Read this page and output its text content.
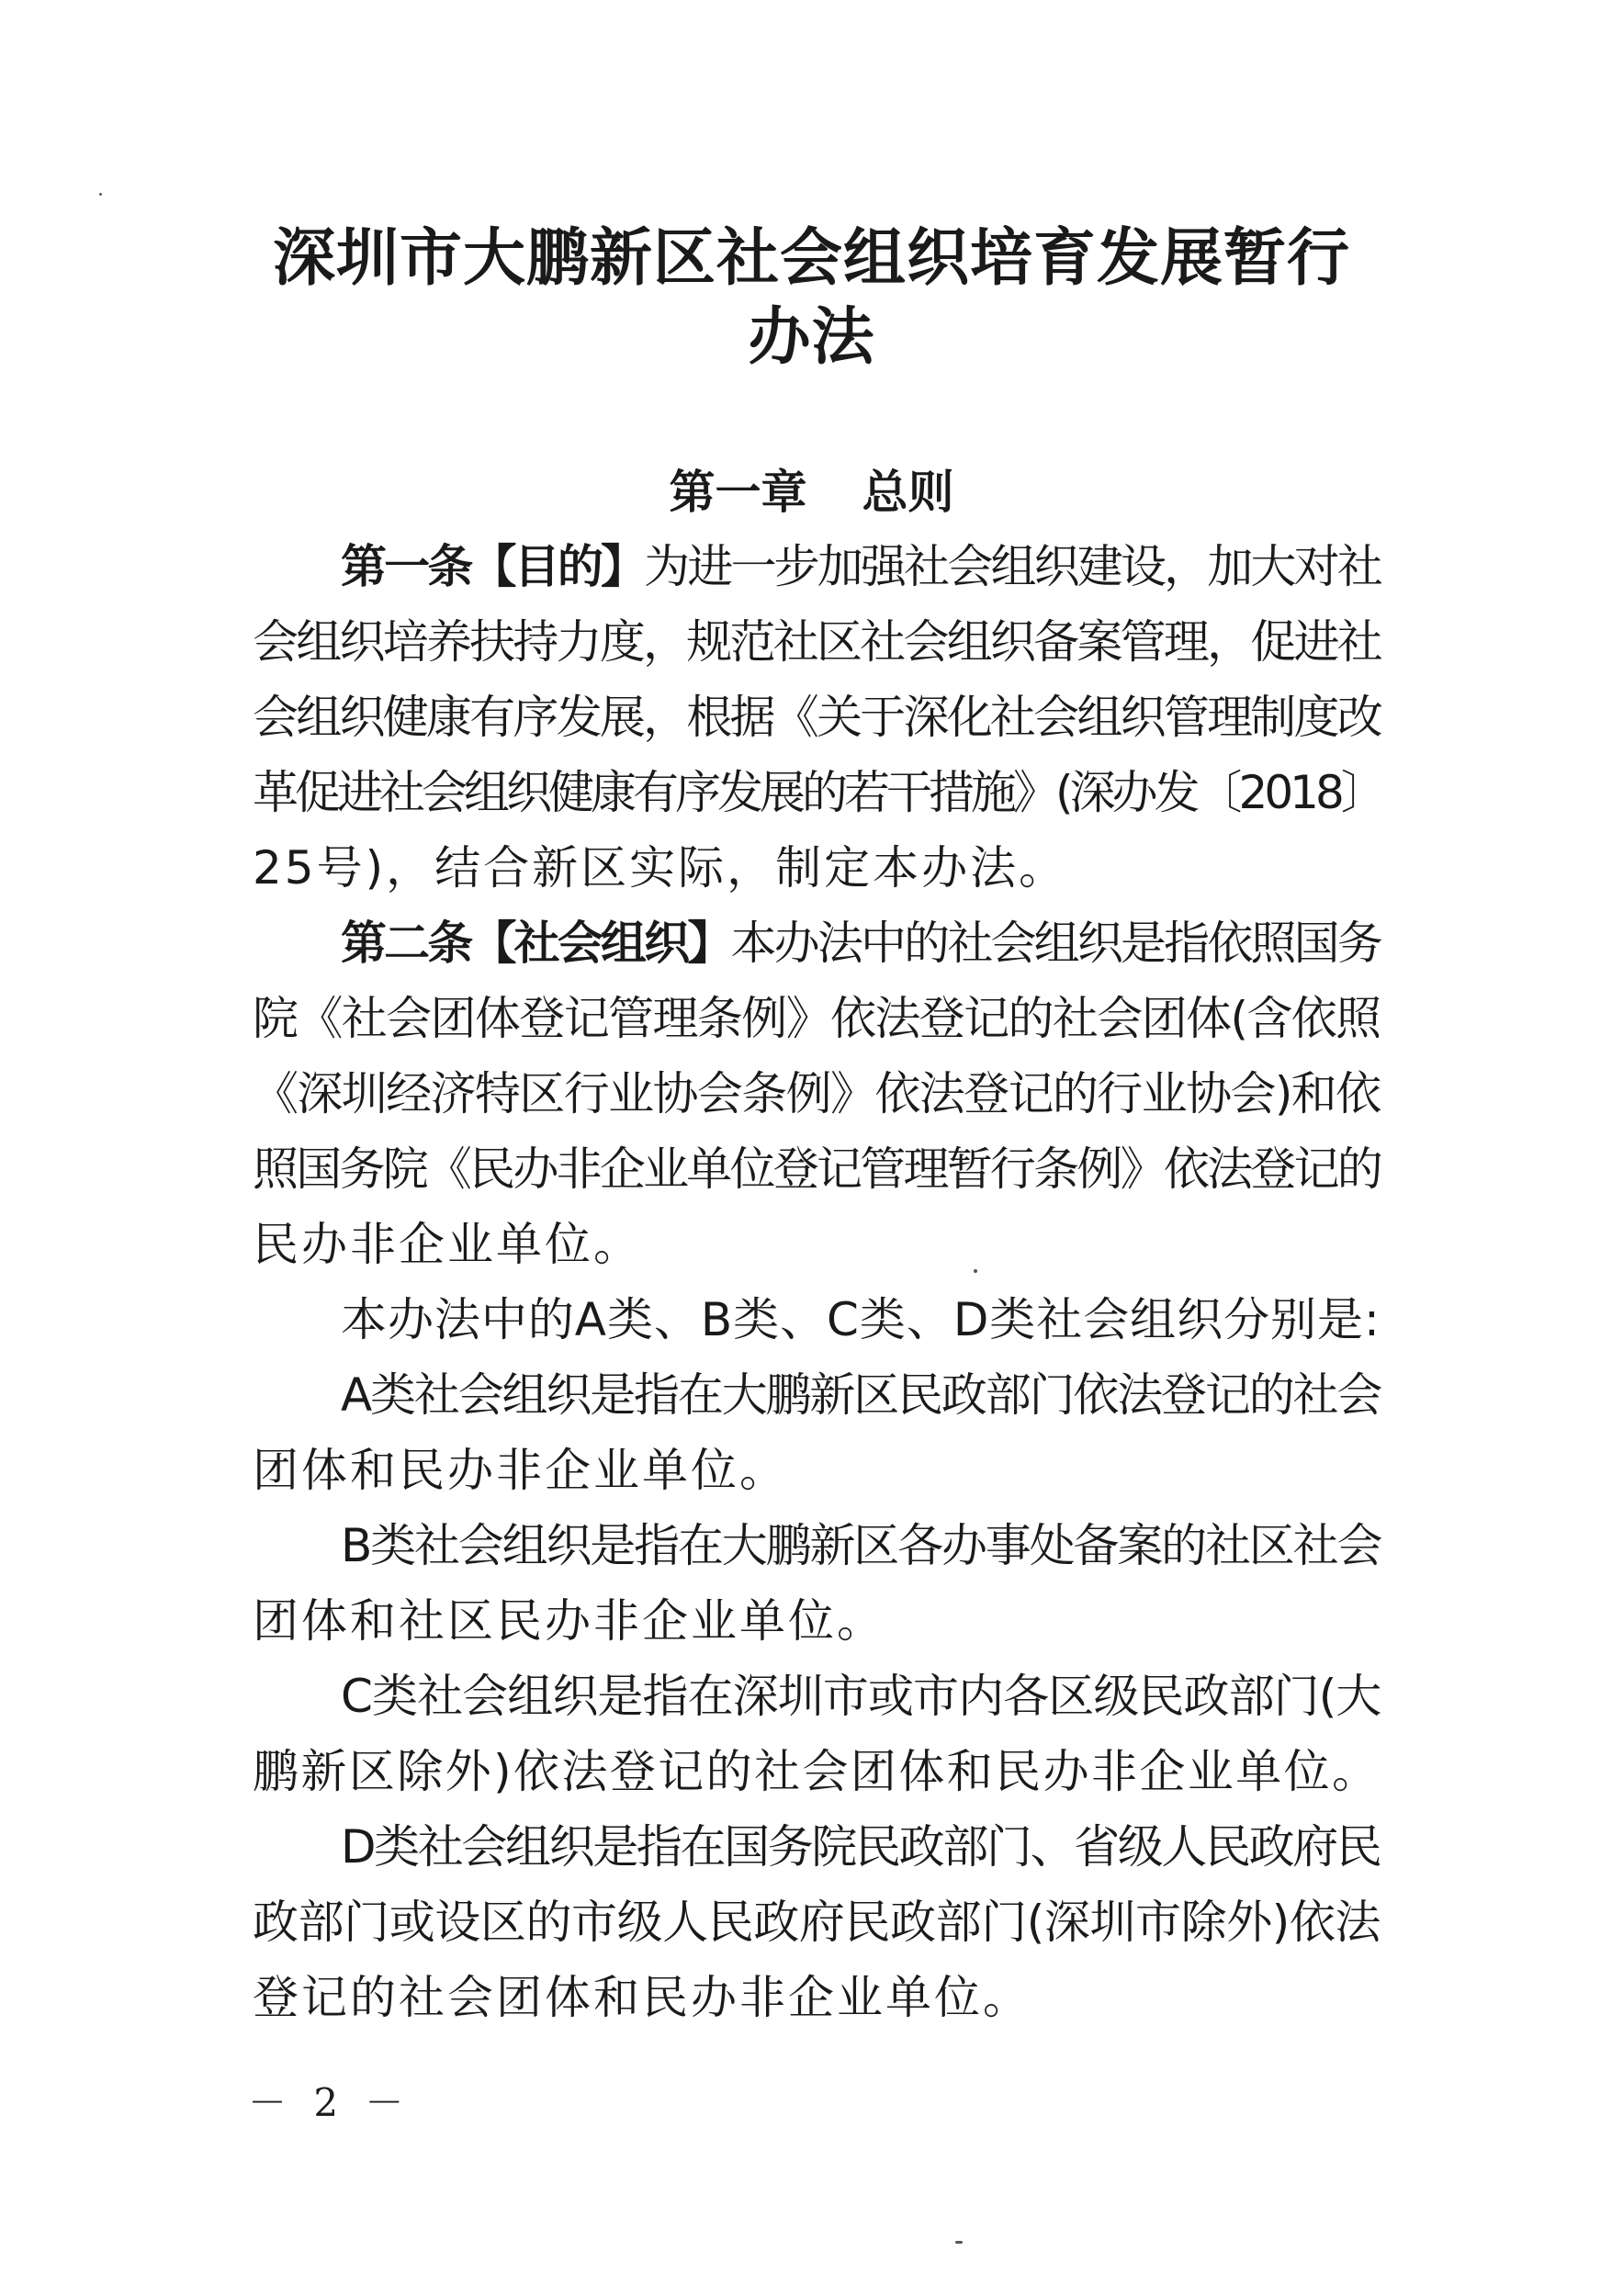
深圳市大鹏新区社会组织培育发展暂行
办法
第一章 总则
第一条【目的】为进一步加强社会组织建设，加大对社
会组织培养扶持力度，规范社区社会组织备案管理，促进社
会组织健康有序发展，根据《关于深化社会组织管理制度改
革促进社会组织健康有序发展的若干措施》(深办发〔2018〕
25号)，结合新区实际，制定本办法。
第二条【社会组织】本办法中的社会组织是指依照国务
院《社会团体登记管理条例》依法登记的社会团体(含依照
《深圳经济特区行业协会条例》依法登记的行业协会)和依
照国务院《民办非企业单位登记管理暂行条例》依法登记的
民办非企业单位。
本办法中的A类、B类、C类、D类社会组织分别是:
A类社会组织是指在大鹏新区民政部门依法登记的社会
团体和民办非企业单位。
B类社会组织是指在大鹏新区各办事处备案的社区社会
团体和社区民办非企业单位。
C类社会组织是指在深圳市或市内各区级民政部门(大
鹏新区除外)依法登记的社会团体和民办非企业单位。
D类社会组织是指在国务院民政部门、省级人民政府民
政部门或设区的市级人民政府民政部门(深圳市除外)依法
登记的社会团体和民办非企业单位。
－ 2 －
